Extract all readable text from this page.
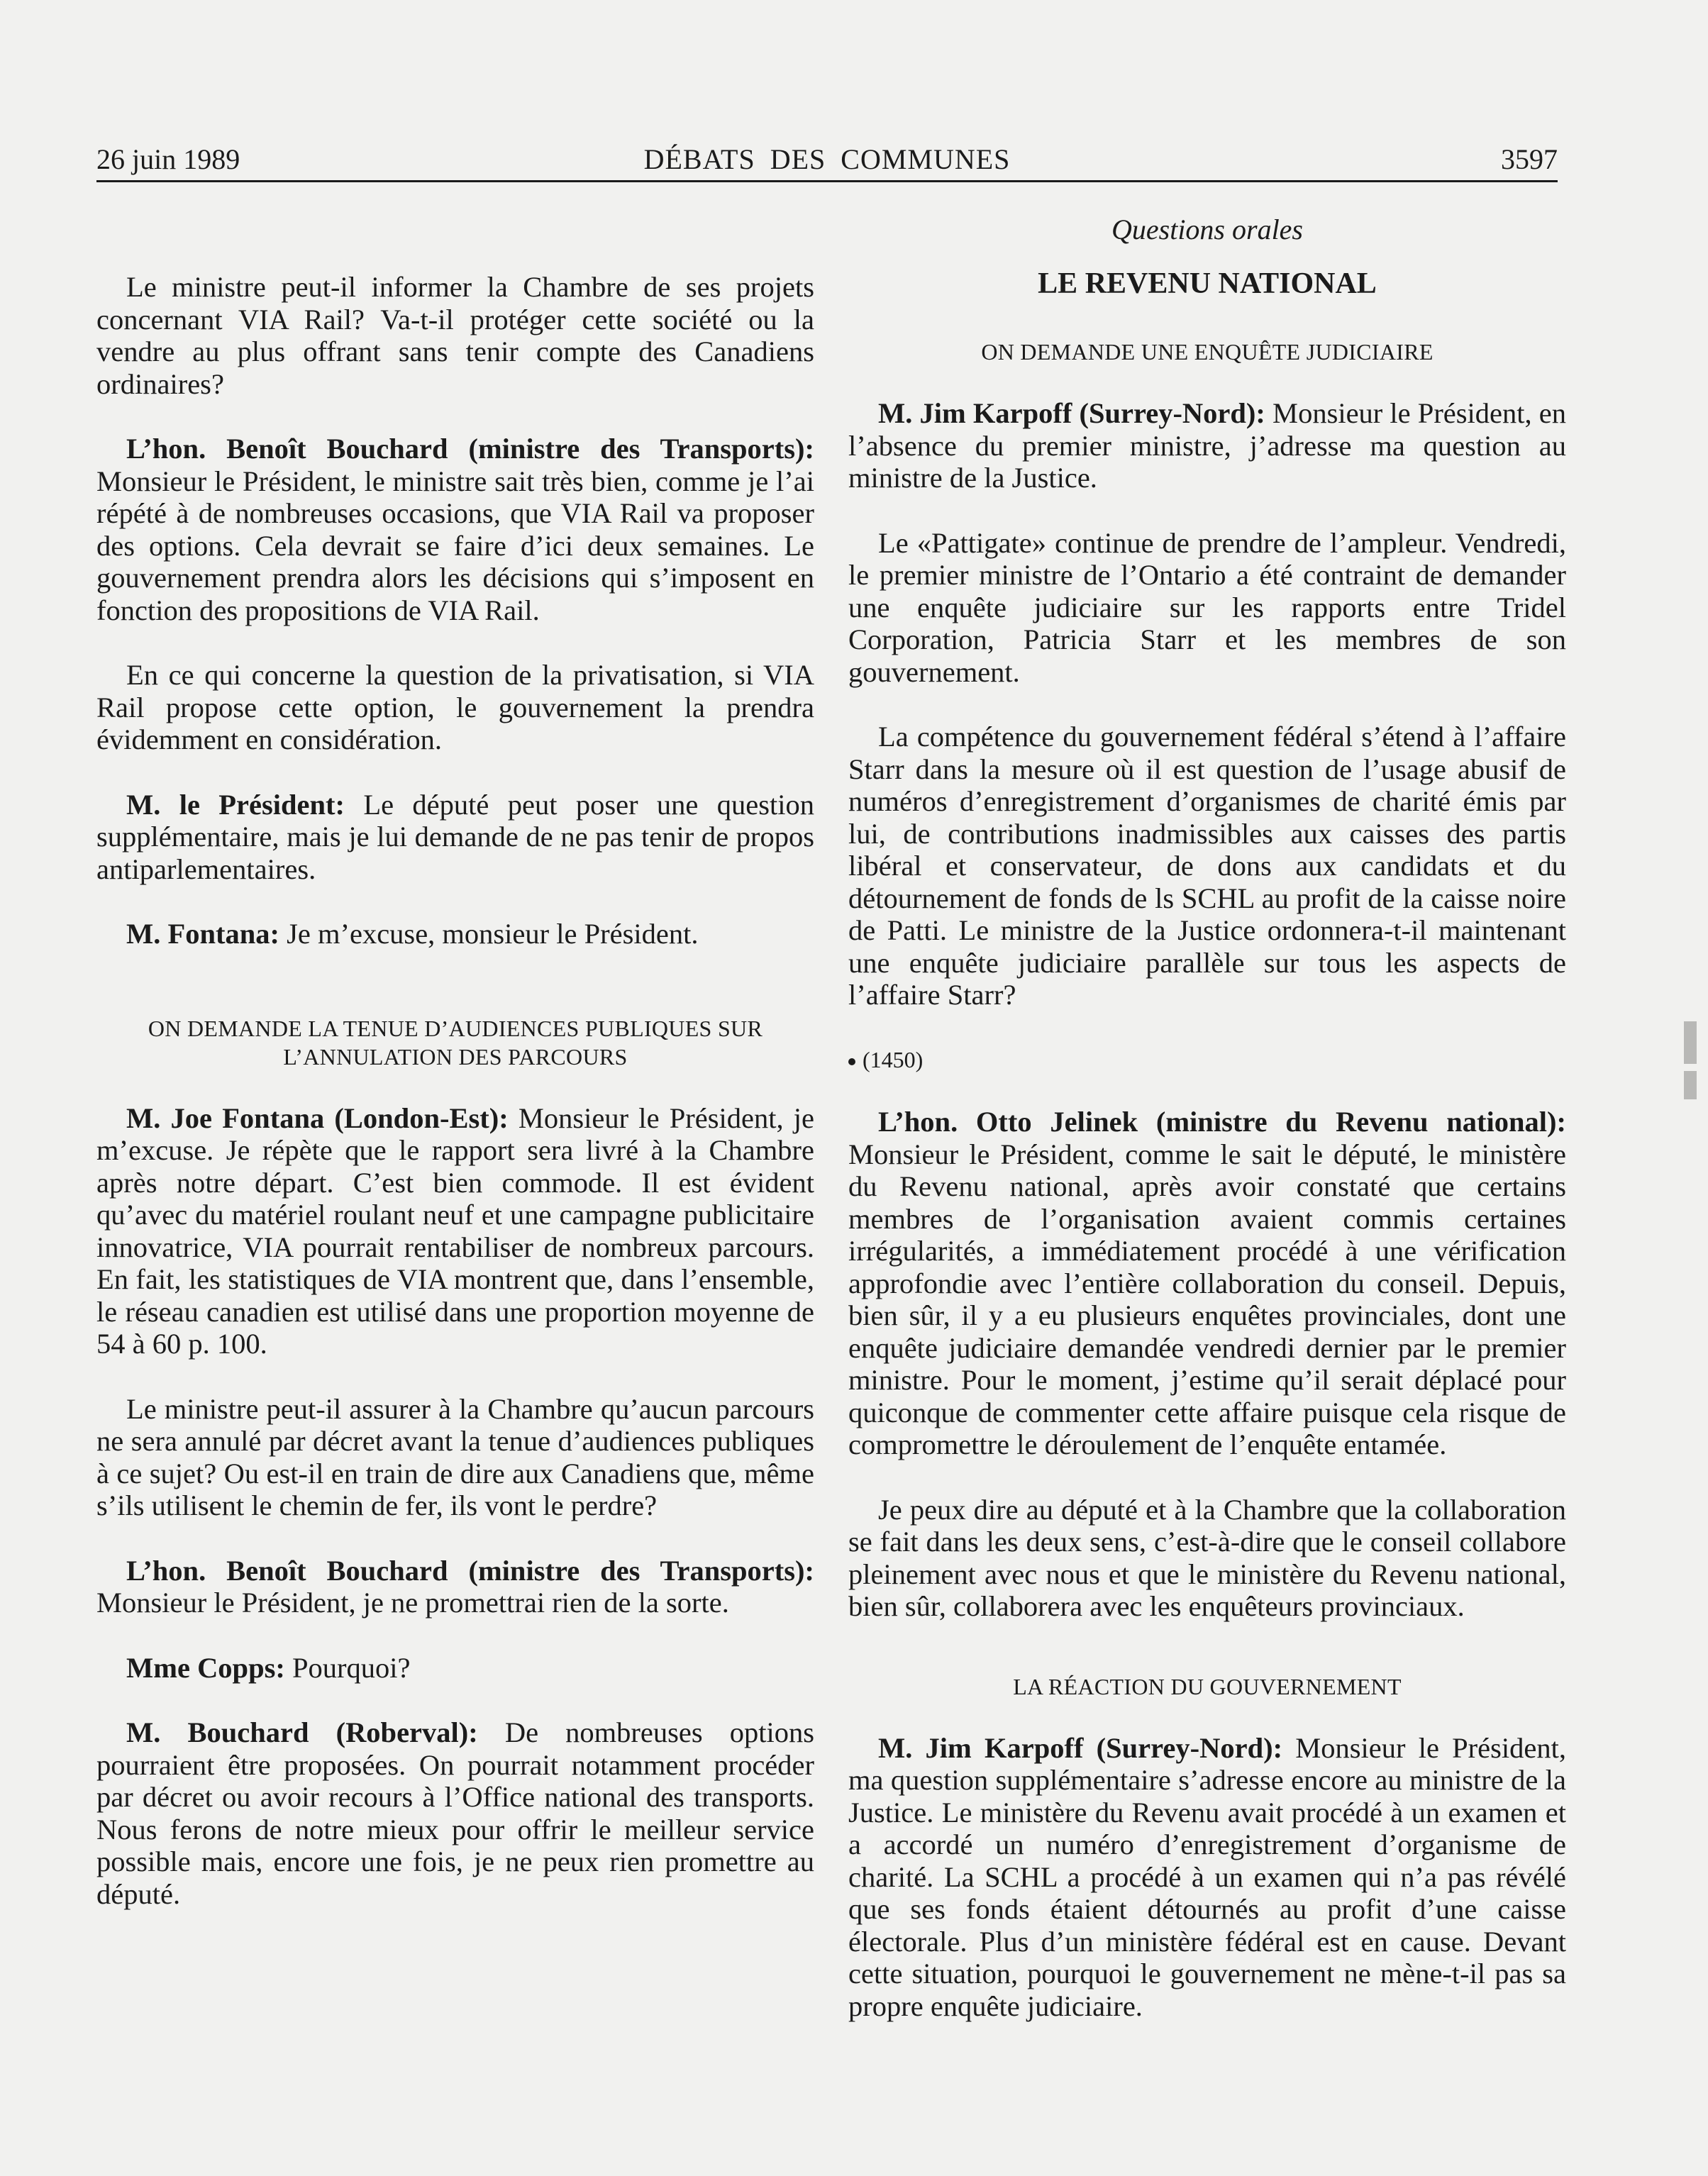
26 juin 1989	DÉBATS DES COMMUNES	3597

Le ministre peut-il informer la Chambre de ses projets concernant VIA Rail? Va-t-il protéger cette société ou la vendre au plus offrant sans tenir compte des Canadiens ordinaires?

L’hon. Benoît Bouchard (ministre des Transports): Monsieur le Président, le ministre sait très bien, comme je l’ai répété à de nombreuses occasions, que VIA Rail va proposer des options. Cela devrait se faire d’ici deux semaines. Le gouvernement prendra alors les décisions qui s’imposent en fonction des propositions de VIA Rail.

En ce qui concerne la question de la privatisation, si VIA Rail propose cette option, le gouvernement la prendra évidemment en considération.

M. le Président: Le député peut poser une question supplémentaire, mais je lui demande de ne pas tenir de propos antiparlementaires.

M. Fontana: Je m’excuse, monsieur le Président.

ON DEMANDE LA TENUE D’AUDIENCES PUBLIQUES SUR L’ANNULATION DES PARCOURS

M. Joe Fontana (London-Est): Monsieur le Président, je m’excuse. Je répète que le rapport sera livré à la Chambre après notre départ. C’est bien commode. Il est évident qu’avec du matériel roulant neuf et une campagne publicitaire innovatrice, VIA pourrait rentabiliser de nombreux parcours. En fait, les statistiques de VIA montrent que, dans l’ensemble, le réseau canadien est utilisé dans une proportion moyenne de 54 à 60 p. 100.

Le ministre peut-il assurer à la Chambre qu’aucun parcours ne sera annulé par décret avant la tenue d’audiences publiques à ce sujet? Ou est-il en train de dire aux Canadiens que, même s’ils utilisent le chemin de fer, ils vont le perdre?

L’hon. Benoît Bouchard (ministre des Transports): Monsieur le Président, je ne promettrai rien de la sorte.

Mme Copps: Pourquoi?

M. Bouchard (Roberval): De nombreuses options pourraient être proposées. On pourrait notamment procéder par décret ou avoir recours à l’Office national des transports. Nous ferons de notre mieux pour offrir le meilleur service possible mais, encore une fois, je ne peux rien promettre au député.

Questions orales
LE REVENU NATIONAL
ON DEMANDE UNE ENQUÊTE JUDICIAIRE

M. Jim Karpoff (Surrey-Nord): Monsieur le Président, en l’absence du premier ministre, j’adresse ma question au ministre de la Justice.

Le «Pattigate» continue de prendre de l’ampleur. Vendredi, le premier ministre de l’Ontario a été contraint de demander une enquête judiciaire sur les rapports entre Tridel Corporation, Patricia Starr et les membres de son gouvernement.

La compétence du gouvernement fédéral s’étend à l’affaire Starr dans la mesure où il est question de l’usage abusif de numéros d’enregistrement d’organismes de charité émis par lui, de contributions inadmissibles aux caisses des partis libéral et conservateur, de dons aux candidats et du détournement de fonds de ls SCHL au profit de la caisse noire de Patti. Le ministre de la Justice ordonnera-t-il maintenant une enquête judiciaire parallèle sur tous les aspects de l’affaire Starr?

(1450)

L’hon. Otto Jelinek (ministre du Revenu national): Monsieur le Président, comme le sait le député, le ministère du Revenu national, après avoir constaté que certains membres de l’organisation avaient commis certaines irrégularités, a immédiatement procédé à une vérification approfondie avec l’entière collaboration du conseil. Depuis, bien sûr, il y a eu plusieurs enquêtes provinciales, dont une enquête judiciaire demandée vendredi dernier par le premier ministre. Pour le moment, j’estime qu’il serait déplacé pour quiconque de commenter cette affaire puisque cela risque de compromettre le déroulement de l’enquête entamée.

Je peux dire au député et à la Chambre que la collaboration se fait dans les deux sens, c’est-à-dire que le conseil collabore pleinement avec nous et que le ministère du Revenu national, bien sûr, collaborera avec les enquêteurs provinciaux.

LA RÉACTION DU GOUVERNEMENT

M. Jim Karpoff (Surrey-Nord): Monsieur le Président, ma question supplémentaire s’adresse encore au ministre de la Justice. Le ministère du Revenu avait procédé à un examen et a accordé un numéro d’enregistrement d’organisme de charité. La SCHL a procédé à un examen qui n’a pas révélé que ses fonds étaient détournés au profit d’une caisse électorale. Plus d’un ministère fédéral est en cause. Devant cette situation, pourquoi le gouvernement ne mène-t-il pas sa propre enquête judiciaire.
